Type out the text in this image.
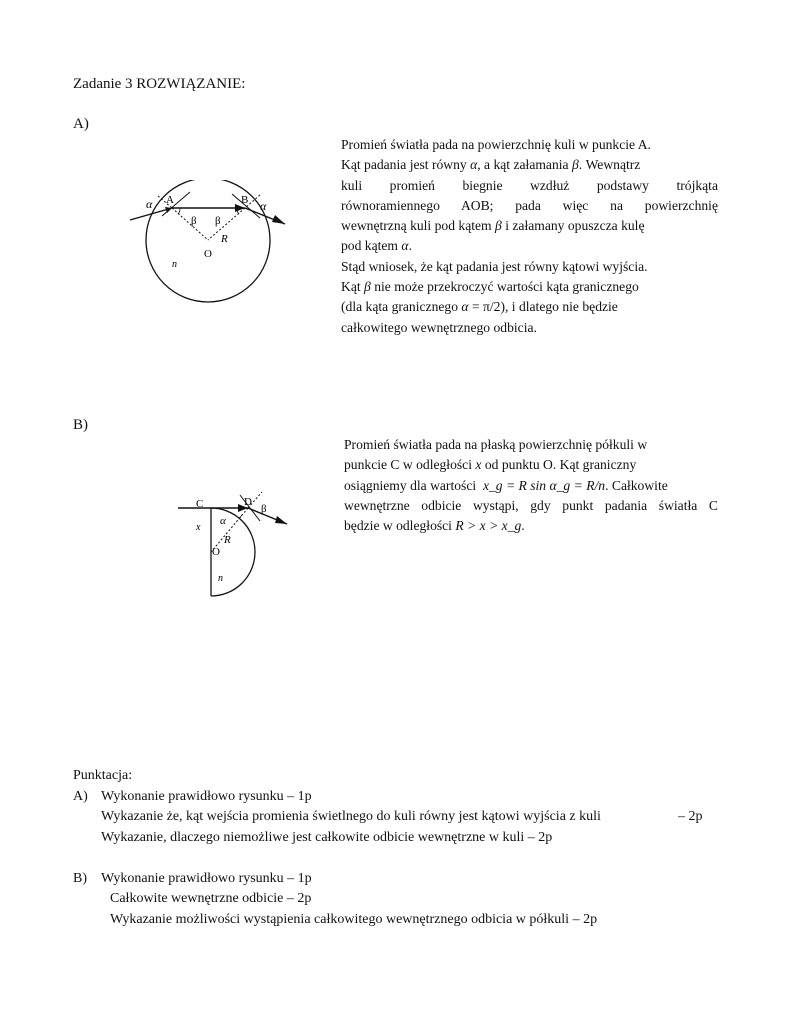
Zadanie 3 ROZWIĄZANIE:
A)
α A	B α
β β
R
O
n

Promień światła pada na powierzchnię kuli w punkcie A.

Kąt padania jest równy α, a kąt załamania β. Wewnątrz

kuli promień biegnie wzdłuż podstawy trójkąta

równoramiennego AOB; pada więc na powierzchnię

wewnętrzną kuli pod kątem β i załamany opuszcza kulę

pod kątem α.

Stąd wniosek, że kąt padania jest równy kątowi wyjścia.

Kąt β nie może przekroczyć wartości kąta granicznego

(dla kąta granicznego α = π/2), i dlatego nie będzie

całkowitego wewnętrznego odbicia.

B)
C	D
β
α
x
R
O
n

Promień światła pada na płaską powierzchnię półkuli w

punkcie C w odległości x od punktu O. Kąt graniczny

osiągniemy dla wartości x_g = R sin α_g = R/n. Całkowite

wewnętrzne odbicie wystąpi, gdy punkt padania światła C

będzie w odległości R > x > x_g.

Punktacja:
A) Wykonanie prawidłowo rysunku – 1p
Wykazanie że, kąt wejścia promienia świetlnego do kuli równy jest kątowi wyjścia z kuli	– 2p
Wykazanie, dlaczego niemożliwe jest całkowite odbicie wewnętrzne w kuli – 2p
B) Wykonanie prawidłowo rysunku – 1p
Całkowite wewnętrzne odbicie – 2p
Wykazanie możliwości wystąpienia całkowitego wewnętrznego odbicia w półkuli – 2p
